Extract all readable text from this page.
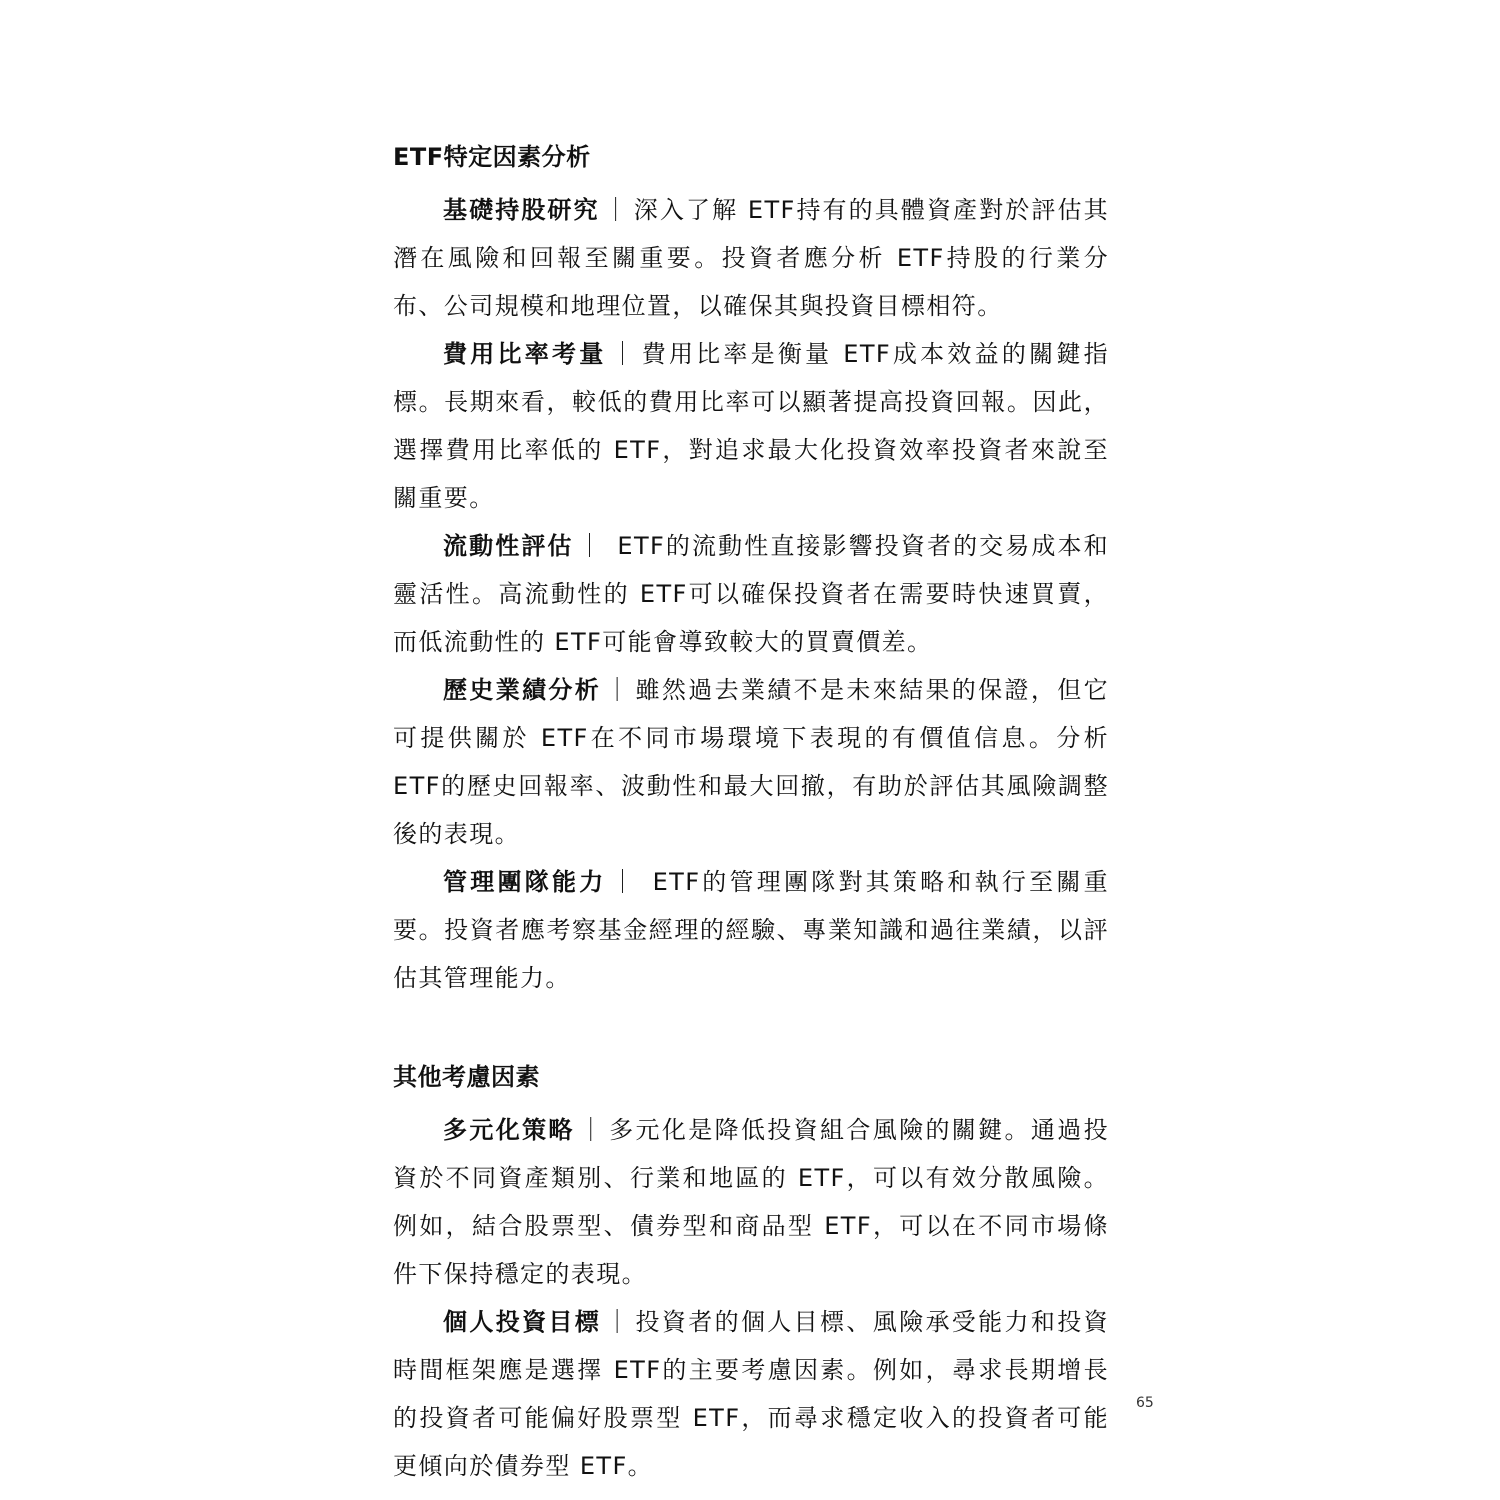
ETF特定因素分析

基礎持股研究 ｜ 深入了解 ETF持有的具體資產對於評估其潛在風險和回報至關重要。投資者應分析 ETF持股的行業分布、公司規模和地理位置，以確保其與投資目標相符。

費用比率考量 ｜ 費用比率是衡量 ETF成本效益的關鍵指標。長期來看，較低的費用比率可以顯著提高投資回報。因此，選擇費用比率低的 ETF，對追求最大化投資效率投資者來說至關重要。

流動性評估 ｜ ETF的流動性直接影響投資者的交易成本和靈活性。高流動性的 ETF可以確保投資者在需要時快速買賣，而低流動性的 ETF可能會導致較大的買賣價差。

歷史業績分析 ｜ 雖然過去業績不是未來結果的保證，但它可提供關於 ETF在不同市場環境下表現的有價值信息。分析 ETF的歷史回報率、波動性和最大回撤，有助於評估其風險調整後的表現。

管理團隊能力 ｜ ETF的管理團隊對其策略和執行至關重要。投資者應考察基金經理的經驗、專業知識和過往業績，以評估其管理能力。

其他考慮因素

多元化策略 ｜ 多元化是降低投資組合風險的關鍵。通過投資於不同資產類別、行業和地區的 ETF，可以有效分散風險。例如，結合股票型、債券型和商品型 ETF，可以在不同市場條件下保持穩定的表現。

個人投資目標 ｜ 投資者的個人目標、風險承受能力和投資時間框架應是選擇 ETF的主要考慮因素。例如，尋求長期增長的投資者可能偏好股票型 ETF，而尋求穩定收入的投資者可能更傾向於債券型 ETF。

65
